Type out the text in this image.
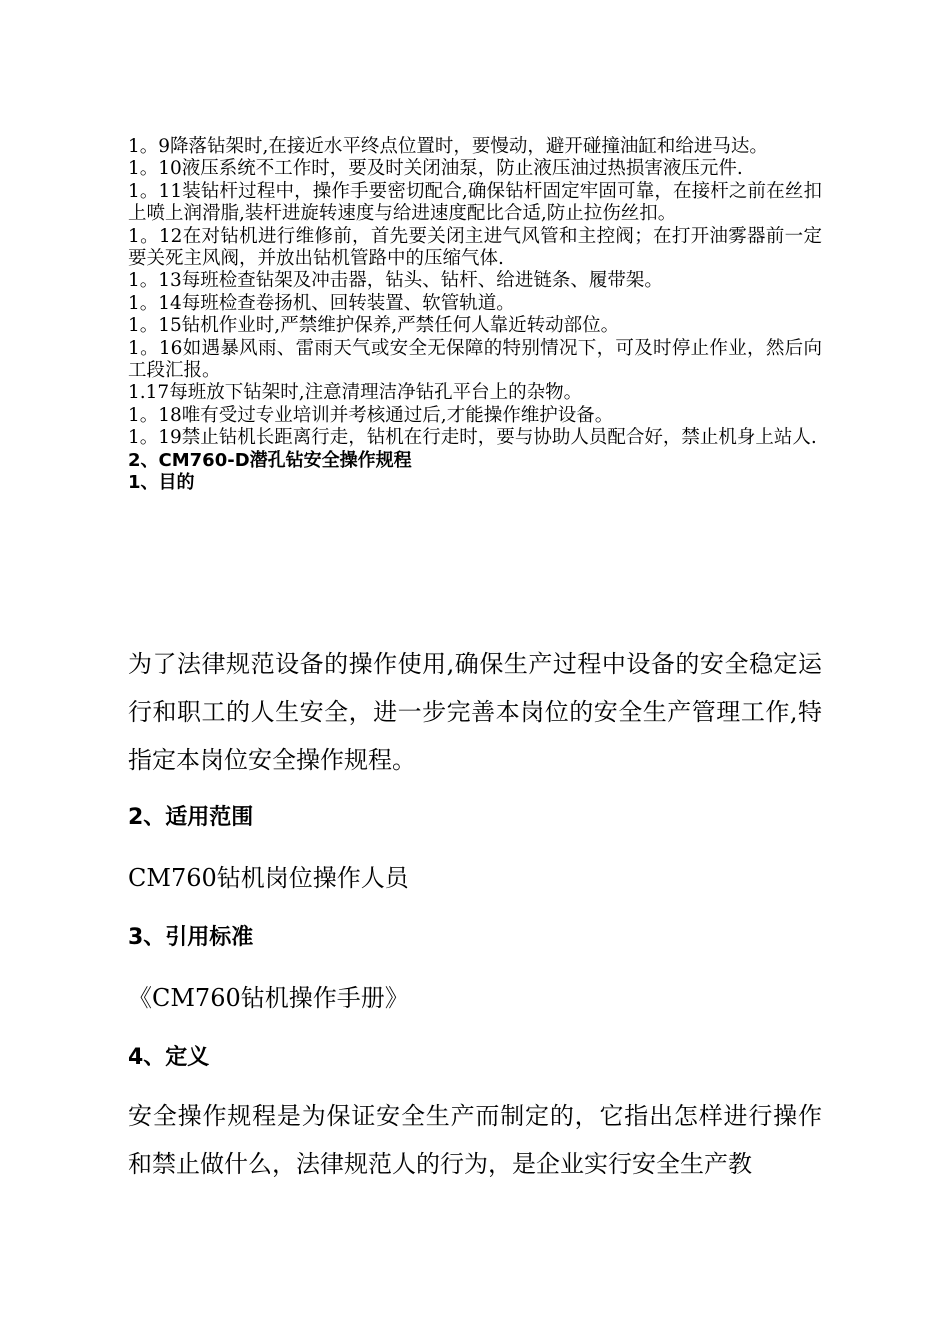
1。9降落钻架时,在接近水平终点位置时，要慢动，避开碰撞油缸和给进马达。

1。10液压系统不工作时，要及时关闭油泵，防止液压油过热损害液压元件.

1。11装钻杆过程中，操作手要密切配合,确保钻杆固定牢固可靠，在接杆之前在丝扣上喷上润滑脂,装杆进旋转速度与给进速度配比合适,防止拉伤丝扣。

1。12在对钻机进行维修前，首先要关闭主进气风管和主控阀；在打开油雾器前一定要关死主风阀，并放出钻机管路中的压缩气体.

1。13每班检查钻架及冲击器，钻头、钻杆、给进链条、履带架。

1。14每班检查卷扬机、回转装置、软管轨道。

1。15钻机作业时,严禁维护保养,严禁任何人靠近转动部位。

1。16如遇暴风雨、雷雨天气或安全无保障的特别情况下，可及时停止作业，然后向工段汇报。

1.17每班放下钻架时,注意清理洁净钻孔平台上的杂物。

1。18唯有受过专业培训并考核通过后,才能操作维护设备。

1。19禁止钻机长距离行走，钻机在行走时，要与协助人员配合好，禁止机身上站人.

2、CM760-D潜孔钻安全操作规程

1、目的

为了法律规范设备的操作使用,确保生产过程中设备的安全稳定运行和职工的人生安全，进一步完善本岗位的安全生产管理工作,特指定本岗位安全操作规程。

2、适用范围

CM760钻机岗位操作人员

3、引用标准

《CM760钻机操作手册》

4、定义

安全操作规程是为保证安全生产而制定的，它指出怎样进行操作和禁止做什么，法律规范人的行为，是企业实行安全生产教
